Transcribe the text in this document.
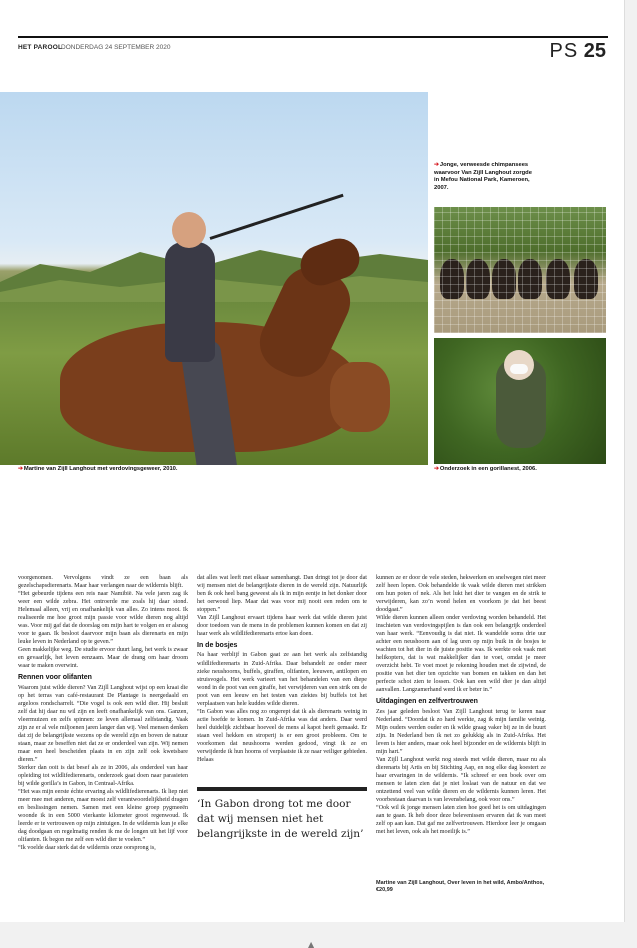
HET PAROOL
DONDERDAG 24 SEPTEMBER 2020	PS 25
➔Jonge, verweesde chimpansees waarvoor Van Zijll Langhout zorgde in Mefou National Park, Kameroen, 2007.
➔Martine van Zijll Langhout met verdovingsgeweer, 2010.	➔Onderzoek in een gorillanest, 2006.

voorgenomen. Vervolgens vindt ze een baan als gezelschapsdierenarts. Maar haar verlangen naar de wildernis blijft.

“Het gebeurde tijdens een reis naar Namibië. Na vele jaren zag ik weer een wilde zebra. Het ontroerde me zoals hij daar stond. Helemaal alleen, vrij en onafhankelijk van alles. Zo intens mooi. Ik realiseerde me hoe groot mijn passie voor wilde dieren nog altijd was. Voor mij gaf dat de doorslag om mijn hart te volgen en er alsnog voor te gaan. Ik besloot daarvoor mijn baan als dierenarts en mijn leuke leven in Nederland op te geven.”

Geen makkelijke weg. De studie ervoor duurt lang, het werk is zwaar en gevaarlijk, het leven eenzaam. Maar de drang om haar droom waar te maken overwint.

Rennen voor olifanten

Waarom juist wilde dieren? Van Zijll Langhout wijst op een kraai die op het terras van café-restaurant De Plantage is neergedaald en argeloos rondscharrelt. “Die vogel is ook een wild dier. Hij besluit zelf dat hij daar nu wil zijn en leeft onafhankelijk van ons. Ganzen, vleermuizen en zelfs spinnen: ze leven allemaal zelfstandig. Vaak zijn ze er al vele miljoenen jaren langer dan wij. Veel mensen denken dat zij de belangrijkste wezens op de wereld zijn en boven de natuur staan, maar ze beseffen niet dat ze er onderdeel van zijn. Wij nemen maar een heel bescheiden plaats in en zijn zelf ook kwetsbare dieren.”

Sterker dan ooit is dat besef als ze in 2006, als onderdeel van haar opleiding tot wildlifedierenarts, onderzoek gaat doen naar parasieten bij wilde gorilla’s in Gabon, in Centraal-Afrika.

“Het was mijn eerste échte ervaring als wildlifedierenarts. Ik liep niet meer mee met anderen, maar moest zelf verantwoordelijkheid dragen en beslissingen nemen. Samen met een kleine groep pygmeeën woonde ik in een 5000 vierkante kilometer groot regenwoud. Ik leerde er te vertrouwen op mijn zintuigen. In de wildernis kun je elke dag doodgaan en regelmatig renden ik me de longen uit het lijf voor olifanten. Ik begon me zelf een wild dier te voelen.”

“Ik voelde daar sterk dat de wildernis onze oorsprong is,

dat alles wat leeft met elkaar samenhangt. Dan dringt tot je door dat wij mensen niet de belangrijkste dieren in de wereld zijn. Natuurlijk ben ik ook heel bang geweest als ik in mijn eentje in het donker door het oerwoud liep. Maar dat was voor mij nooit een reden om te stoppen.”

Van Zijll Langhout ervaart tijdens haar werk dat wilde dieren juist door toedoen van de mens in de problemen kunnen komen en dat zij haar werk als wildlifedierenarts ertoe kan doen.

In de bosjes

Na haar verblijf in Gabon gaat ze aan het werk als zelfstandig wildlifedierenarts in Zuid-Afrika. Daar behandelt ze onder meer zieke neushoorns, buffels, giraffen, olifanten, leeuwen, antilopen en struisvogels. Het werk varieert van het behandelen van een diepe wond in de poot van een giraffe, het verwijderen van een strik om de poot van een leeuw en het testen van ziektes bij buffels tot het verplaatsen van hele kuddes wilde dieren.

“In Gabon was alles nog zo ongerept dat ik als dierenarts weinig in actie hoefde te komen. In Zuid-Afrika was dat anders. Daar werd heel duidelijk zichtbaar hoeveel de mens al kapot heeft gemaakt. Er staan veel hekken en stroperij is er een groot probleem. Om te voorkomen dat neushoorns werden gedood, vingt ik ze en verwijderde ik hun hoorns of verplaatste ik ze naar veiliger gebieden. Helaas

‘In Gabon drong tot me door dat wij mensen niet het belangrijkste in de wereld zijn’

kunnen ze er door de vele steden, hekwerken en snelwegen niet meer zelf heen lopen. Ook behandelde ik vaak wilde dieren met strikken om hun poten of nek. Als het lukt het dier te vangen en de strik te verwijderen, kan zo’n wond helen en voorkom je dat het beest doodgaat.”

Wilde dieren kunnen alleen onder verdoving worden behandeld. Het inschieten van verdovingspijlen is dan ook een belangrijk onderdeel van haar werk. “Eenvoudig is dat niet. Ik wandelde soms drie uur achter een neushoorn aan of lag uren op mijn buik in de bosjes te wachten tot het dier in de juiste positie was. Ik werkte ook vaak met helikopters, dat is wat makkelijker dan te voet, omdat je meer overzicht hebt. Te voet moet je rekening houden met de zijwind, de positie van het dier ten opzichte van bomen en takken en dan het perfecte schot zien te lossen. Ook kan een wild dier je dan altijd aanvallen. Langzamerhand werd ik er beter in.”

Uitdagingen en zelfvertrouwen

Zes jaar geleden besloot Van Zijll Langhout terug te keren naar Nederland. “Doordat ik zo hard werkte, zag ik mijn familie weinig. Mijn ouders werden ouder en ik wilde graag vaker bij ze in de buurt zijn. In Nederland ben ik net zo gelukkig als in Zuid-Afrika. Het leven is hier anders, maar ook heel bijzonder en de wildernis blijft in mijn hart.”

Van Zijll Langhout werkt nog steeds met wilde dieren, maar nu als dierenarts bij Artis en bij Stichting Aap, en nog elke dag koestert ze haar ervaringen in de wildernis. “Ik schreef er een boek over om mensen te laten zien dat je niet loslaat van de natuur en dat we ontzettend veel van wilde dieren en de wildernis kunnen leren. Het voorbestaan daarvan is van levensbelang, ook voor ons.”

“Ook wil ik jonge mensen laten zien hoe goed het is om uitdagingen aan te gaan. Ik heb door deze belevenissen ervaren dat ik van meet zelf op aan kan. Dat gaf me zelfvertrouwen. Hierdoor leer je omgaan met het leven, ook als het moeilijk is.”

Martine van Zijll Langhout, Over leven in het wild, Ambo/Anthos, €20,99
▲
